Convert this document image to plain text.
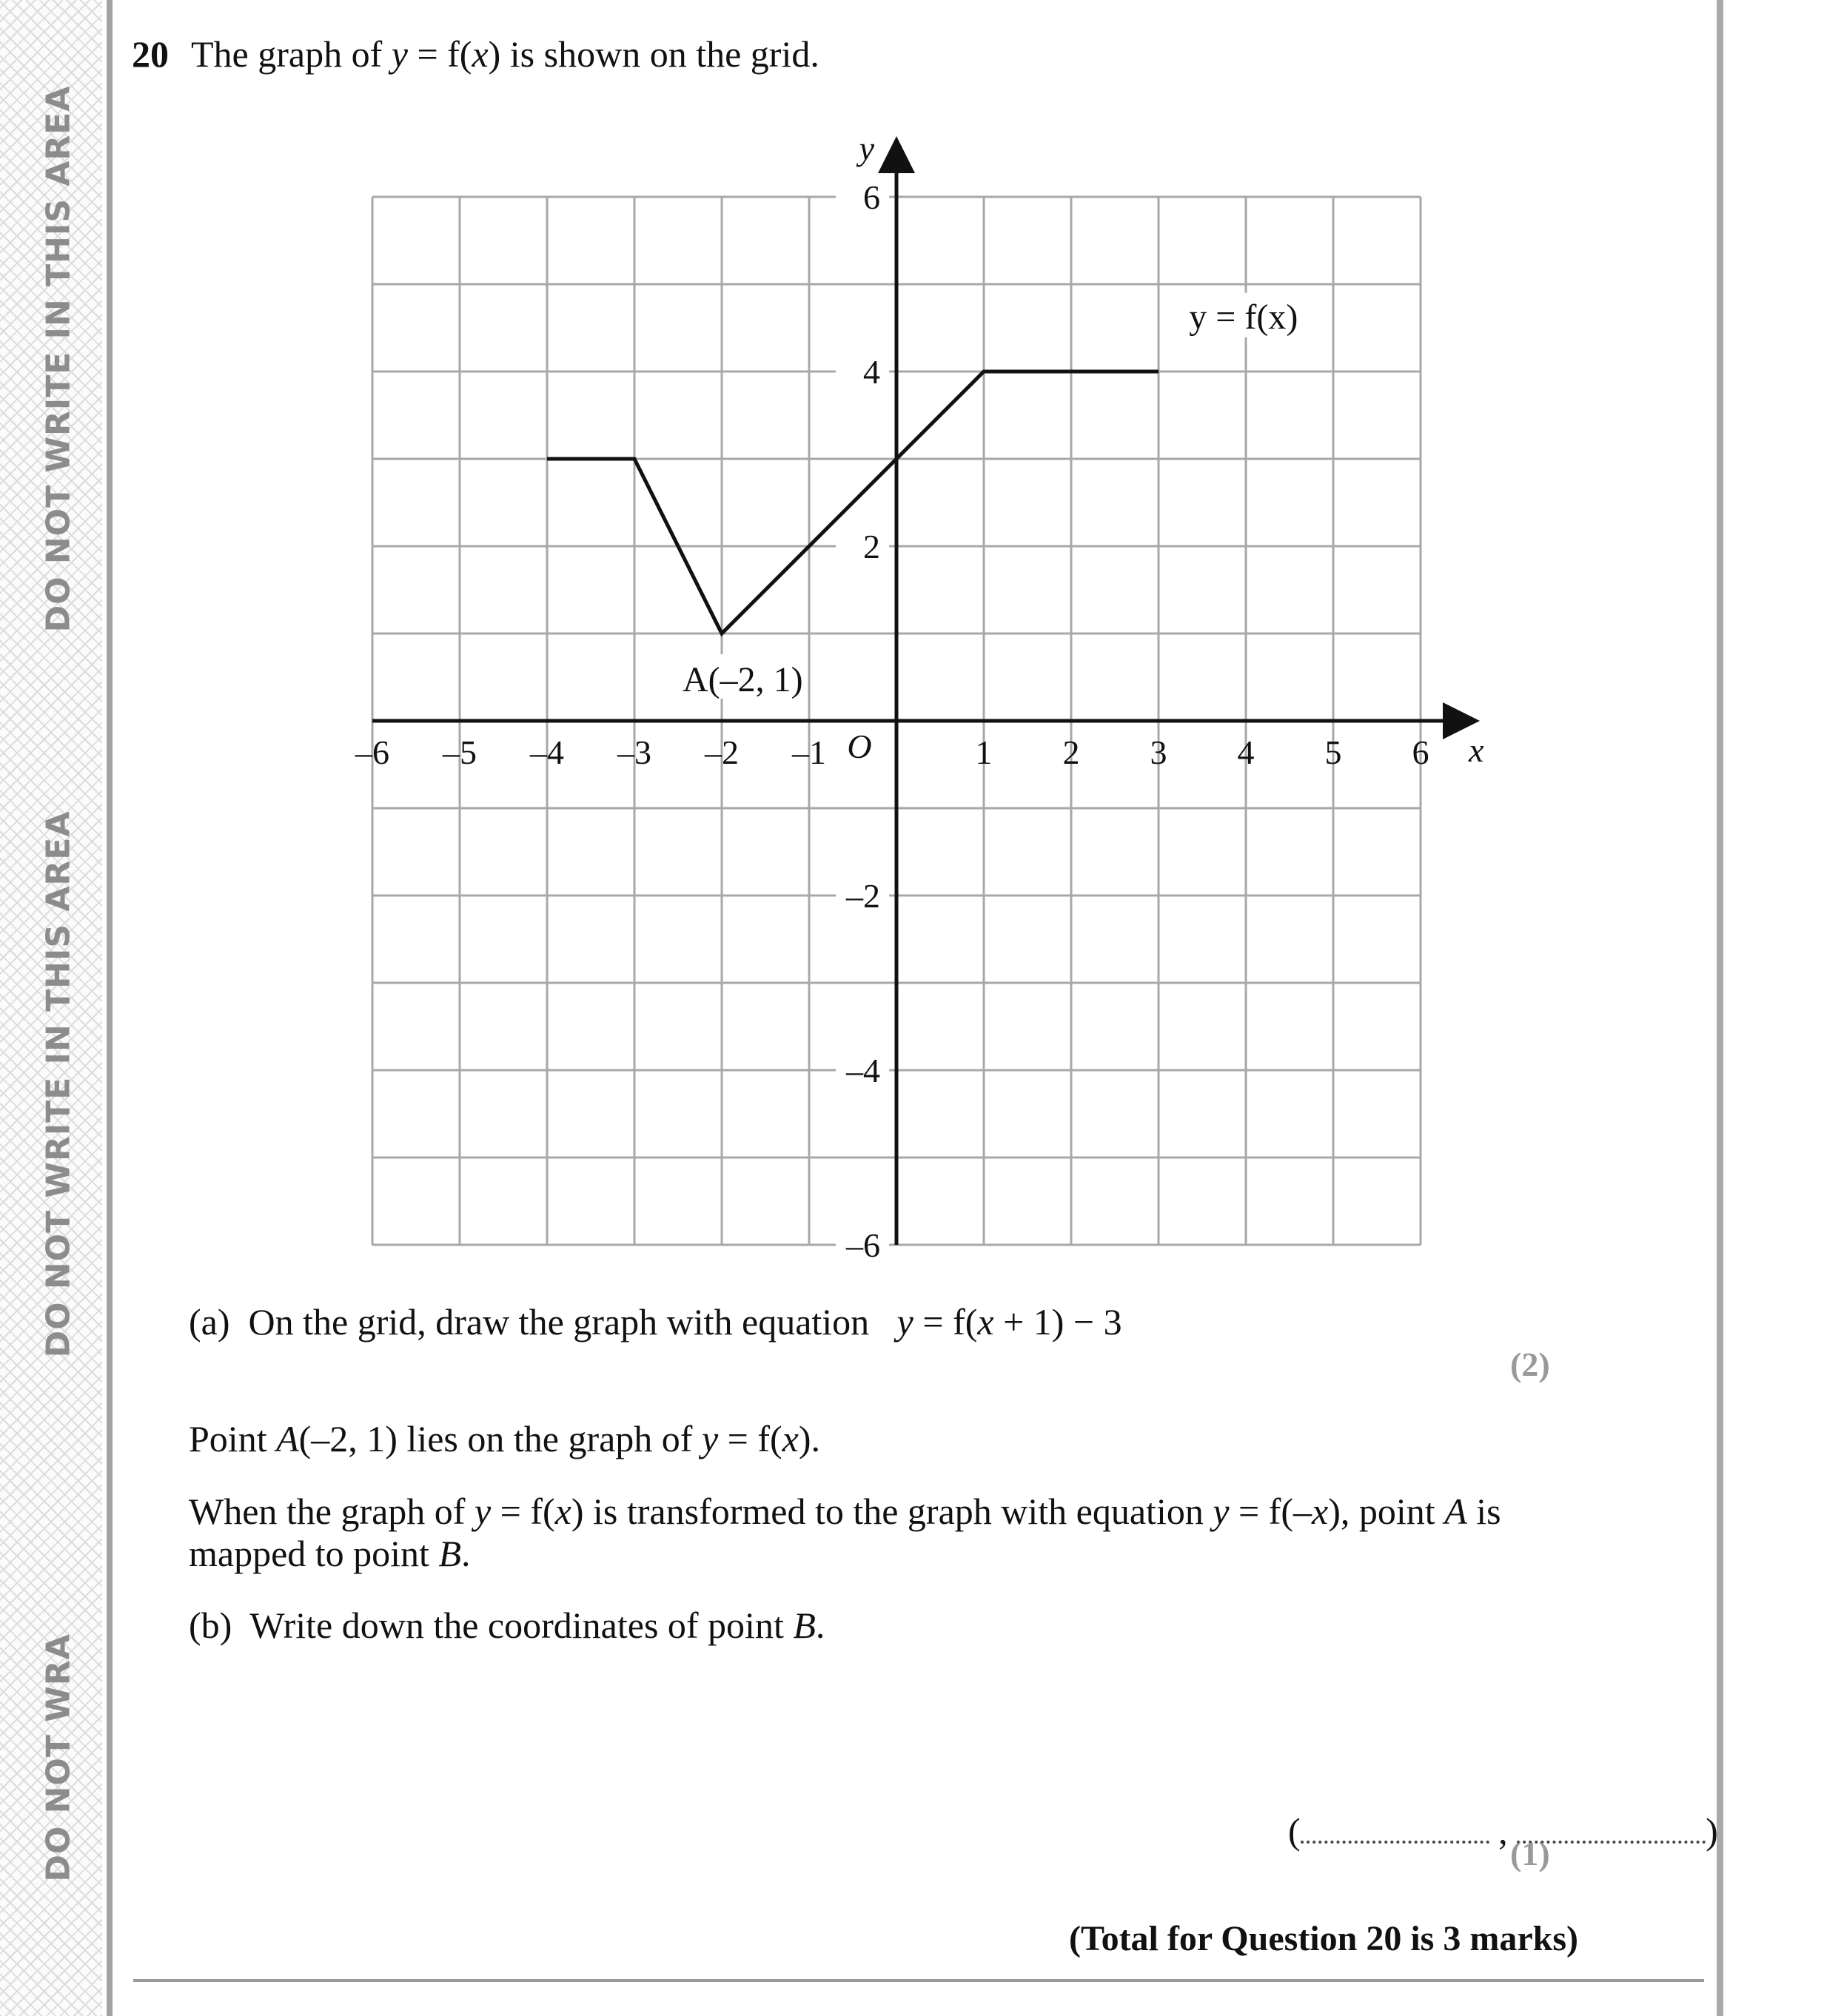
DO NOT WRITE IN THIS AREA
DO NOT WRITE IN THIS AREA
DO NOT WRA
20 The graph of y = f(x) is shown on the grid.
–6 –5 –4 –3 –2 –1	1 2 3 4 5 6
6
4
2
–2
–4
–6
x
y
O
A(–2, 1)
y = f(x)
(a) On the grid, draw the graph with equation y = f(x + 1) − 3
(2)
Point A(–2, 1) lies on the graph of y = f(x).
When the graph of y = f(x) is transformed to the graph with equation y = f(–x), point A is
mapped to point B.
(b) Write down the coordinates of point B.
(	,	)
(1)
(Total for Question 20 is 3 marks)
